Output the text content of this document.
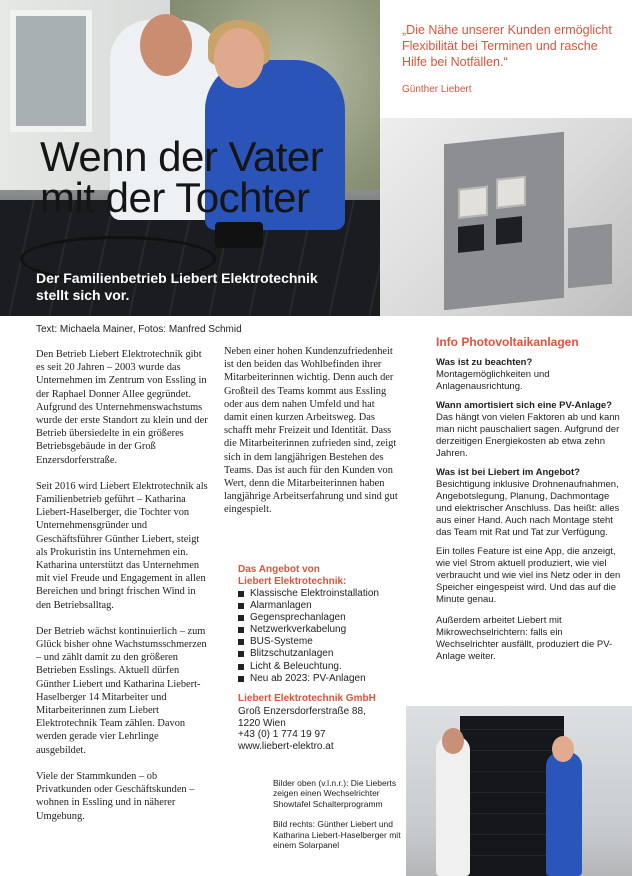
Wenn der Vater
mit der Tochter
Der Familienbetrieb Liebert Elektrotechnik
stellt sich vor.
„Die Nähe unserer Kunden ermöglicht Flexibilität bei Terminen und rasche Hilfe bei Notfällen.“
Günther Liebert
Text: Michaela Mainer, Fotos: Manfred Schmid

Den Betrieb Liebert Elektrotechnik gibt es seit 20 Jahren – 2003 wurde das Unternehmen im Zentrum von Essling in der Raphael Donner Allee gegründet. Aufgrund des Unternehmenswachstums wurde der erste Standort zu klein und der Betrieb übersiedelte in ein größeres Betriebsgebäude in der Groß Enzersdorferstraße.

Seit 2016 wird Liebert Elektrotechnik als Familienbetrieb geführt – Katharina Liebert-Haselberger, die Tochter von Unternehmensgründer und Geschäftsführer Günther Liebert, steigt als Prokuristin ins Unternehmen ein. Katharina unterstützt das Unternehmen mit viel Freude und Engagement in allen Bereichen und bringt frischen Wind in den Betriebsalltag.

Der Betrieb wächst kontinuierlich – zum Glück bisher ohne Wachstumsschmerzen – und zählt damit zu den größeren Betrieben Esslings. Aktuell dürfen Günther Liebert und Katharina Liebert-Haselberger 14 Mitarbeiter und Mitarbeiterinnen zum Liebert Elektrotechnik Team zählen. Davon werden gerade vier Lehrlinge ausgebildet.

Viele der Stammkunden – ob Privatkunden oder Geschäftskunden – wohnen in Essling und in näherer Umgebung.

Neben einer hohen Kundenzufriedenheit ist den beiden das Wohlbefinden ihrer Mitarbeiterinnen wichtig. Denn auch der Großteil des Teams kommt aus Essling oder aus dem nahen Umfeld und hat damit einen kurzen Arbeitsweg. Das schafft mehr Freizeit und Identität. Dass die Mitarbeiterinnen zufrieden sind, zeigt sich in dem langjährigen Bestehen des Teams. Das ist auch für den Kunden von Wert, denn die Mitarbeiterinnen haben langjährige Arbeitserfahrung und sind gut eingespielt.

Das Angebot von
Liebert Elektrotechnik:
Klassische Elektroinstallation
Alarmanlagen
Gegensprechanlagen
Netzwerkverkabelung
BUS-Systeme
Blitzschutzanlagen
Licht & Beleuchtung.
Neu ab 2023: PV-Anlagen
Liebert Elektrotechnik GmbH
Groß Enzersdorferstraße 88,
1220 Wien
+43 (0) 1 774 19 97
www.liebert-elektro.at

Bilder oben (v.l.n.r.): Die Lieberts zeigen einen Wechselrichter Showtafel Schalterprogramm

Bild rechts: Günther Liebert und Katharina Liebert-Haselberger mit einem Solarpanel

Info Photovoltaikanlagen

Was ist zu beachten?

Montagemöglichkeiten und Anlagenausrichtung.

Wann amortisiert sich eine PV-Anlage?

Das hängt von vielen Faktoren ab und kann man nicht pauschaliert sagen. Aufgrund der derzeitigen Energiekosten ab etwa zehn Jahren.

Was ist bei Liebert im Angebot?

Besichtigung inklusive Drohnenaufnahmen, Angebotslegung, Planung, Dachmontage und elektrischer Anschluss. Das heißt: alles aus einer Hand. Auch nach Montage steht das Team mit Rat und Tat zur Verfügung.

Ein tolles Feature ist eine App, die anzeigt, wie viel Strom aktuell produziert, wie viel verbraucht und wie viel ins Netz oder in den Speicher eingespeist wird. Und das auf die Minute genau.

Außerdem arbeitet Liebert mit Mikrowechselrichtern: falls ein Wechselrichter ausfällt, produziert die PV-Anlage weiter.
